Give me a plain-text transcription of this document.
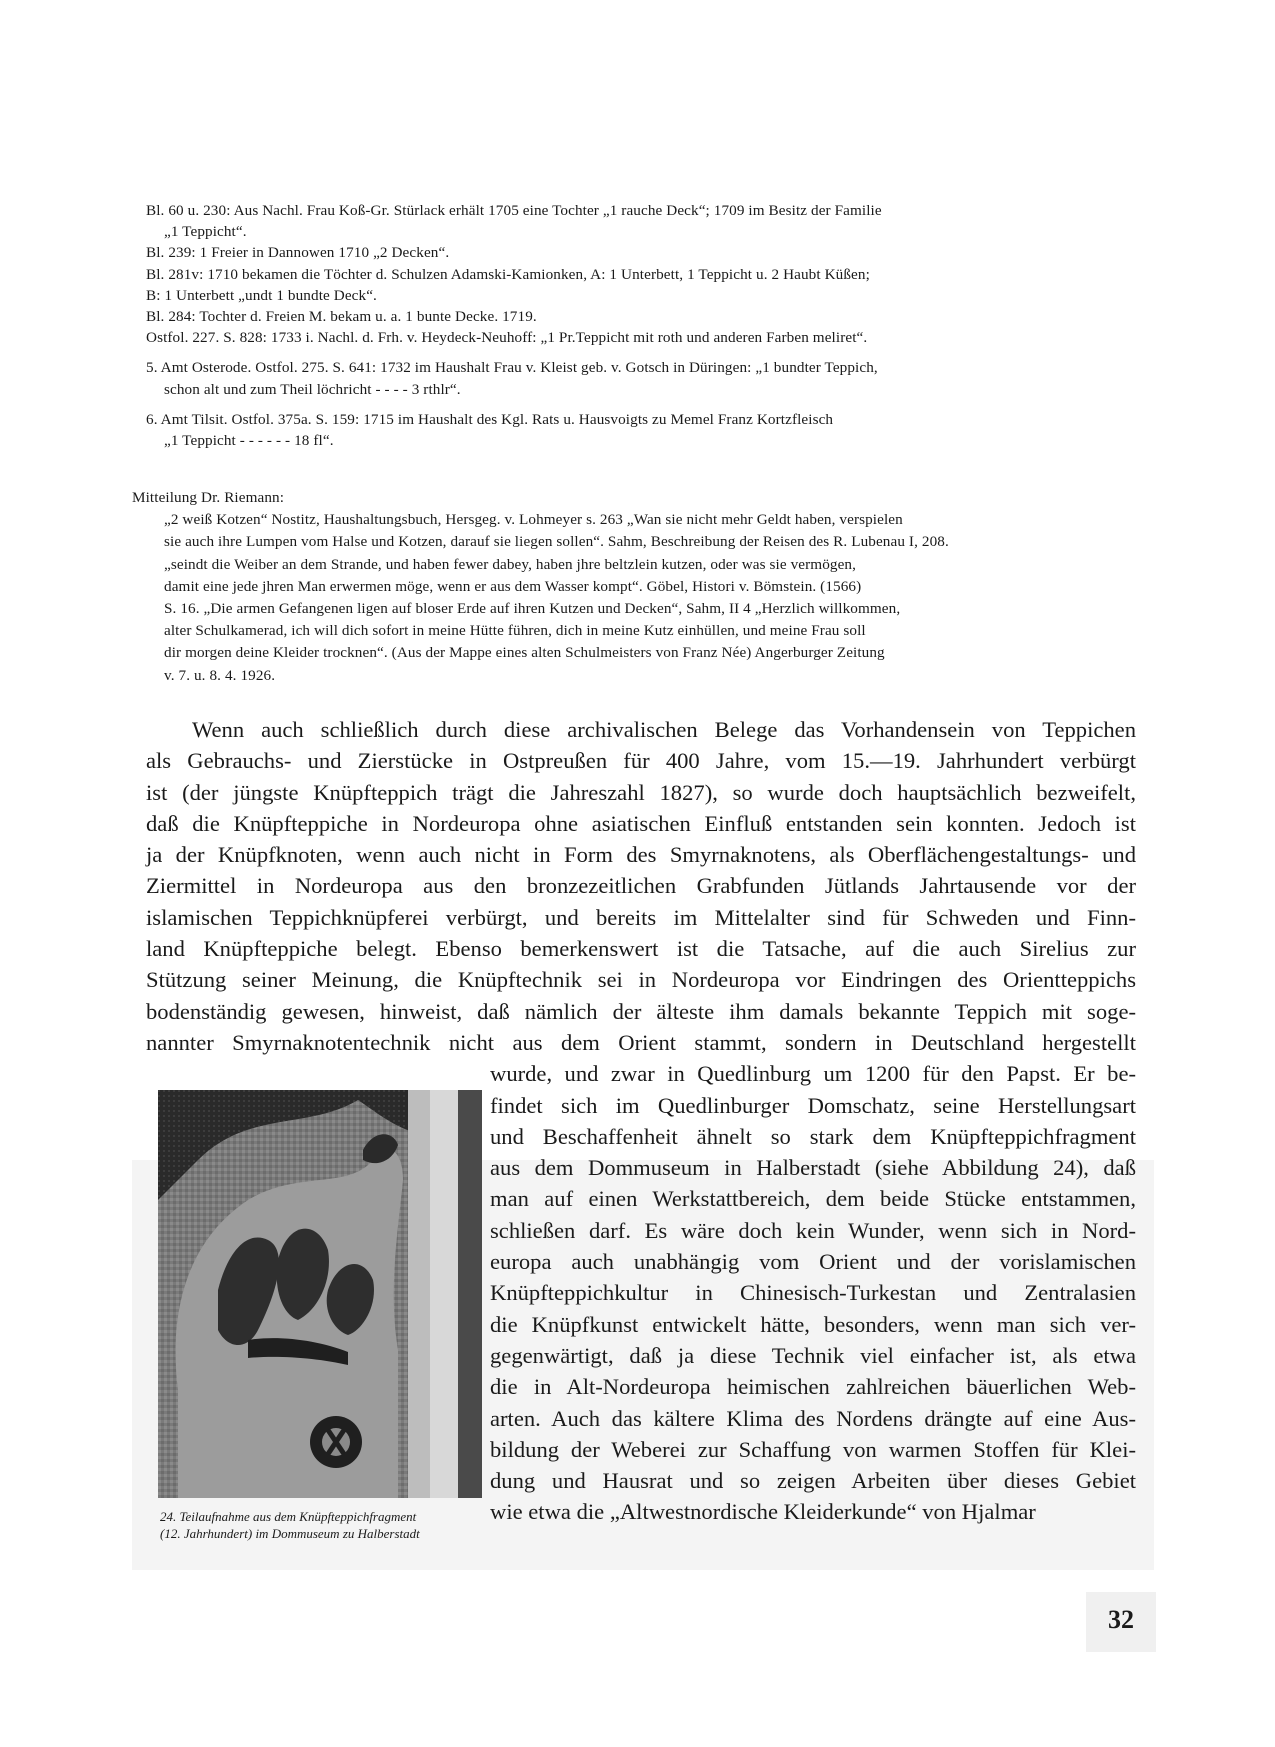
Bl. 60 u. 230: Aus Nachl. Frau Koß-Gr. Stürlack erhält 1705 eine Tochter „1 rauche Deck“; 1709 im Besitz der Familie
„1 Teppicht“.
Bl. 239: 1 Freier in Dannowen 1710 „2 Decken“.
Bl. 281v: 1710 bekamen die Töchter d. Schulzen Adamski-Kamionken, A: 1 Unterbett, 1 Teppicht u. 2 Haubt Küßen;
B: 1 Unterbett „undt 1 bundte Deck“.
Bl. 284: Tochter d. Freien M. bekam u. a. 1 bunte Decke. 1719.
Ostfol. 227. S. 828: 1733 i. Nachl. d. Frh. v. Heydeck-Neuhoff: „1 Pr.Teppicht mit roth und anderen Farben meliret“.
5. Amt Osterode. Ostfol. 275. S. 641: 1732 im Haushalt Frau v. Kleist geb. v. Gotsch in Düringen: „1 bundter Teppich,
schon alt und zum Theil löchricht - - - - 3 rthlr“.
6. Amt Tilsit. Ostfol. 375a. S. 159: 1715 im Haushalt des Kgl. Rats u. Hausvoigts zu Memel Franz Kortzfleisch
„1 Teppicht - - - - - - 18 fl“.
Mitteilung Dr. Riemann:
„2 weiß Kotzen“ Nostitz, Haushaltungsbuch, Hersgeg. v. Lohmeyer s. 263 „Wan sie nicht mehr Geldt haben, verspielen
sie auch ihre Lumpen vom Halse und Kotzen, darauf sie liegen sollen“. Sahm, Beschreibung der Reisen des R. Lubenau I, 208.
„seindt die Weiber an dem Strande, und haben fewer dabey, haben jhre beltzlein kutzen, oder was sie vermögen,
damit eine jede jhren Man erwermen möge, wenn er aus dem Wasser kompt“. Göbel, Histori v. Bömstein. (1566)
S. 16. „Die armen Gefangenen ligen auf bloser Erde auf ihren Kutzen und Decken“, Sahm, II 4 „Herzlich willkommen,
alter Schulkamerad, ich will dich sofort in meine Hütte führen, dich in meine Kutz einhüllen, und meine Frau soll
dir morgen deine Kleider trocknen“. (Aus der Mappe eines alten Schulmeisters von Franz Née) Angerburger Zeitung
v. 7. u. 8. 4. 1926.
Wenn auch schließlich durch diese archivalischen Belege das Vorhandensein von Teppichen
als Gebrauchs- und Zierstücke in Ostpreußen für 400 Jahre, vom 15.—19. Jahrhundert verbürgt
ist (der jüngste Knüpfteppich trägt die Jahreszahl 1827), so wurde doch hauptsächlich bezweifelt,
daß die Knüpfteppiche in Nordeuropa ohne asiatischen Einfluß entstanden sein konnten. Jedoch ist
ja der Knüpfknoten, wenn auch nicht in Form des Smyrnaknotens, als Oberflächengestaltungs- und
Ziermittel in Nordeuropa aus den bronzezeitlichen Grabfunden Jütlands Jahrtausende vor der
islamischen Teppichknüpferei verbürgt, und bereits im Mittelalter sind für Schweden und Finn-
land Knüpfteppiche belegt. Ebenso bemerkenswert ist die Tatsache, auf die auch Sirelius zur
Stützung seiner Meinung, die Knüpftechnik sei in Nordeuropa vor Eindringen des Orientteppichs
bodenständig gewesen, hinweist, daß nämlich der älteste ihm damals bekannte Teppich mit soge-
nannter Smyrnaknotentechnik nicht aus dem Orient stammt, sondern in Deutschland hergestellt
wurde, und zwar in Quedlinburg um 1200 für den Papst. Er be-
findet sich im Quedlinburger Domschatz, seine Herstellungsart
und Beschaffenheit ähnelt so stark dem Knüpfteppichfragment
aus dem Dommuseum in Halberstadt (siehe Abbildung 24), daß
man auf einen Werkstattbereich, dem beide Stücke entstammen,
schließen darf. Es wäre doch kein Wunder, wenn sich in Nord-
europa auch unabhängig vom Orient und der vorislamischen
Knüpfteppichkultur in Chinesisch-Turkestan und Zentralasien
die Knüpfkunst entwickelt hätte, besonders, wenn man sich ver-
gegenwärtigt, daß ja diese Technik viel einfacher ist, als etwa
die in Alt-Nordeuropa heimischen zahlreichen bäuerlichen Web-
arten. Auch das kältere Klima des Nordens drängte auf eine Aus-
bildung der Weberei zur Schaffung von warmen Stoffen für Klei-
dung und Hausrat und so zeigen Arbeiten über dieses Gebiet
wie etwa die „Altwestnordische Kleiderkunde“ von Hjalmar
24. Teilaufnahme aus dem Knüpfteppichfragment
(12. Jahrhundert) im Dommuseum zu Halberstadt
32
